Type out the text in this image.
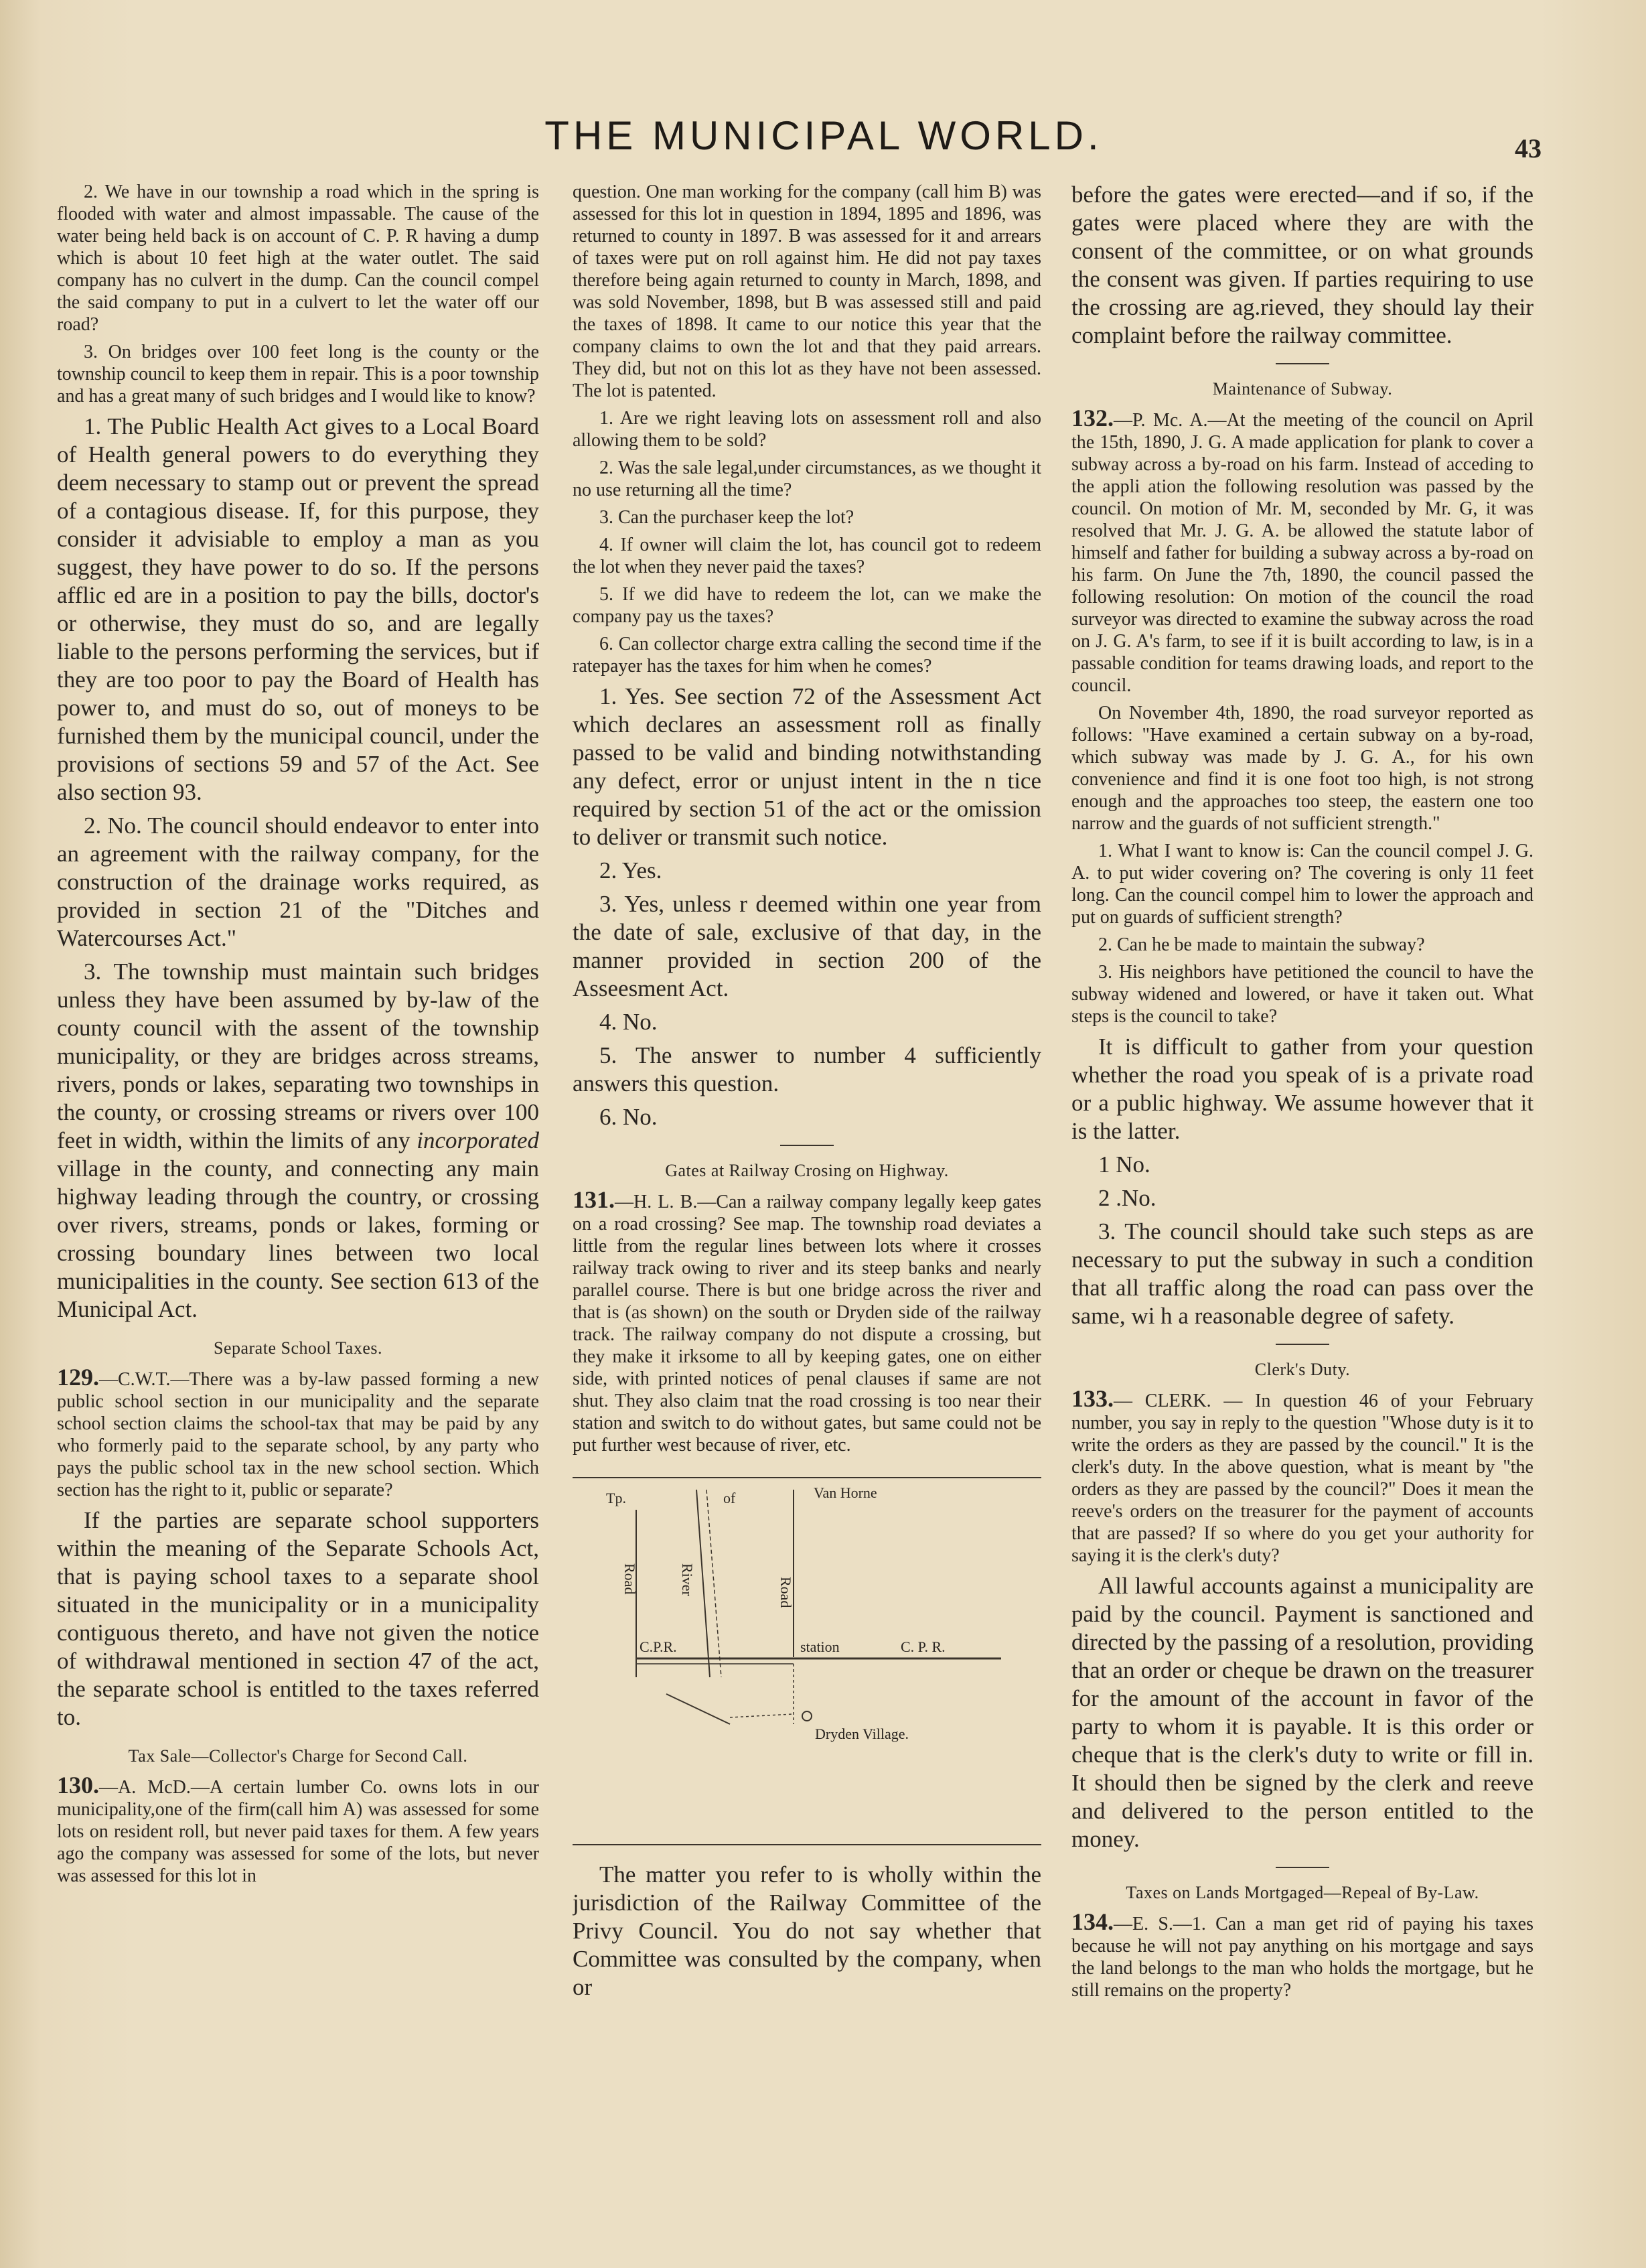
THE MUNICIPAL WORLD.	43

2. We have in our township a road which in the spring is flooded with water and almost impassable. The cause of the water being held back is on account of C. P. R having a dump which is about 10 feet high at the water outlet. The said company has no culvert in the dump. Can the council compel the said company to put in a culvert to let the water off our road?

3. On bridges over 100 feet long is the county or the township council to keep them in repair. This is a poor township and has a great many of such bridges and I would like to know?

1. The Public Health Act gives to a Local Board of Health general powers to do everything they deem necessary to stamp out or prevent the spread of a contagious disease. If, for this purpose, they consider it advisiable to employ a man as you suggest, they have power to do so. If the persons afflic ed are in a position to pay the bills, doctor's or otherwise, they must do so, and are legally liable to the persons performing the services, but if they are too poor to pay the Board of Health has power to, and must do so, out of moneys to be furnished them by the municipal council, under the provisions of sections 59 and 57 of the Act. See also section 93.

2. No. The council should endeavor to enter into an agreement with the railway company, for the construction of the drainage works required, as provided in section 21 of the "Ditches and Watercourses Act."

3. The township must maintain such bridges unless they have been assumed by by-law of the county council with the assent of the township municipality, or they are bridges across streams, rivers, ponds or lakes, separating two townships in the county, or crossing streams or rivers over 100 feet in width, within the limits of any incorporated village in the county, and connecting any main highway leading through the country, or crossing over rivers, streams, ponds or lakes, forming or crossing boundary lines between two local municipalities in the county. See section 613 of the Municipal Act.

Separate School Taxes.

129.—C.W.T.—There was a by-law passed forming a new public school section in our municipality and the separate school section claims the school-tax that may be paid by any who formerly paid to the separate school, by any party who pays the public school tax in the new school section. Which section has the right to it, public or separate?

If the parties are separate school supporters within the meaning of the Separate Schools Act, that is paying school taxes to a separate shool situated in the municipality or in a municipality contiguous thereto, and have not given the notice of withdrawal mentioned in section 47 of the act, the separate school is entitled to the taxes referred to.

Tax Sale—Collector's Charge for Second Call.

130.—A. McD.—A certain lumber Co. owns lots in our municipality,one of the firm(call him A) was assessed for some lots on resident roll, but never paid taxes for them. A few years ago the company was assessed for some of the lots, but never was assessed for this lot in

question. One man working for the company (call him B) was assessed for this lot in question in 1894, 1895 and 1896, was returned to county in 1897. B was assessed for it and arrears of taxes were put on roll against him. He did not pay taxes therefore being again returned to county in March, 1898, and was sold November, 1898, but B was assessed still and paid the taxes of 1898. It came to our notice this year that the company claims to own the lot and that they paid arrears. They did, but not on this lot as they have not been assessed. The lot is patented.

1. Are we right leaving lots on assessment roll and also allowing them to be sold?

2. Was the sale legal,under circumstances, as we thought it no use returning all the time?

3. Can the purchaser keep the lot?

4. If owner will claim the lot, has council got to redeem the lot when they never paid the taxes?

5. If we did have to redeem the lot, can we make the company pay us the taxes?

6. Can collector charge extra calling the second time if the ratepayer has the taxes for him when he comes?

1. Yes. See section 72 of the Assessment Act which declares an assessment roll as finally passed to be valid and binding notwithstanding any defect, error or unjust intent in the n tice required by section 51 of the act or the omission to deliver or transmit such notice.

2. Yes.

3. Yes, unless r deemed within one year from the date of sale, exclusive of that day, in the manner provided in section 200 of the Asseesment Act.

4. No.

5. The answer to number 4 sufficiently answers this question.

6. No.

Gates at Railway Crosing on Highway.

131.—H. L. B.—Can a railway company legally keep gates on a road crossing? See map. The township road deviates a little from the regular lines between lots where it crosses railway track owing to river and its steep banks and nearly parallel course. There is but one bridge across the river and that is (as shown) on the south or Dryden side of the railway track. The railway company do not dispute a crossing, but they make it irksome to all by keeping gates, one on either side, with printed notices of penal clauses if same are not shut. They also claim tnat the road crossing is too near their station and switch to do without gates, but same could not be put further west because of river, etc.

Tp.	of	Van Horne
Road	River	Road
C.P.R.	station	C. P. R.
Dryden Village.

The matter you refer to is wholly within the jurisdiction of the Railway Committee of the Privy Council. You do not say whether that Committee was consulted by the company, when or

before the gates were erected—and if so, if the gates were placed where they are with the consent of the committee, or on what grounds the consent was given. If parties requiring to use the crossing are ag.rieved, they should lay their complaint before the railway committee.

Maintenance of Subway.

132.—P. Mc. A.—At the meeting of the council on April the 15th, 1890, J. G. A made application for plank to cover a subway across a by-road on his farm. Instead of acceding to the appli ation the following resolution was passed by the council. On motion of Mr. M, seconded by Mr. G, it was resolved that Mr. J. G. A. be allowed the statute labor of himself and father for building a subway across a by-road on his farm. On June the 7th, 1890, the council passed the following resolution: On motion of the council the road surveyor was directed to examine the subway across the road on J. G. A's farm, to see if it is built according to law, is in a passable condition for teams drawing loads, and report to the council.

On November 4th, 1890, the road surveyor reported as follows: "Have examined a certain subway on a by-road, which subway was made by J. G. A., for his own convenience and find it is one foot too high, is not strong enough and the approaches too steep, the eastern one too narrow and the guards of not sufficient strength."

1. What I want to know is: Can the council compel J. G. A. to put wider covering on? The covering is only 11 feet long. Can the council compel him to lower the approach and put on guards of sufficient strength?

2. Can he be made to maintain the subway?

3. His neighbors have petitioned the council to have the subway widened and lowered, or have it taken out. What steps is the council to take?

It is difficult to gather from your question whether the road you speak of is a private road or a public highway. We assume however that it is the latter.

1 No.

2 .No.

3. The council should take such steps as are necessary to put the subway in such a condition that all traffic along the road can pass over the same, wi h a reasonable degree of safety.

Clerk's Duty.

133.— CLERK. — In question 46 of your February number, you say in reply to the question "Whose duty is it to write the orders as they are passed by the council." It is the clerk's duty. In the above question, what is meant by "the orders as they are passed by the council?" Does it mean the reeve's orders on the treasurer for the payment of accounts that are passed? If so where do you get your authority for saying it is the clerk's duty?

All lawful accounts against a municipality are paid by the council. Payment is sanctioned and directed by the passing of a resolution, providing that an order or cheque be drawn on the treasurer for the amount of the account in favor of the party to whom it is payable. It is this order or cheque that is the clerk's duty to write or fill in. It should then be signed by the clerk and reeve and delivered to the person entitled to the money.

Taxes on Lands Mortgaged—Repeal of By-Law.

134.—E. S.—1. Can a man get rid of paying his taxes because he will not pay anything on his mortgage and says the land belongs to the man who holds the mortgage, but he still remains on the property?
